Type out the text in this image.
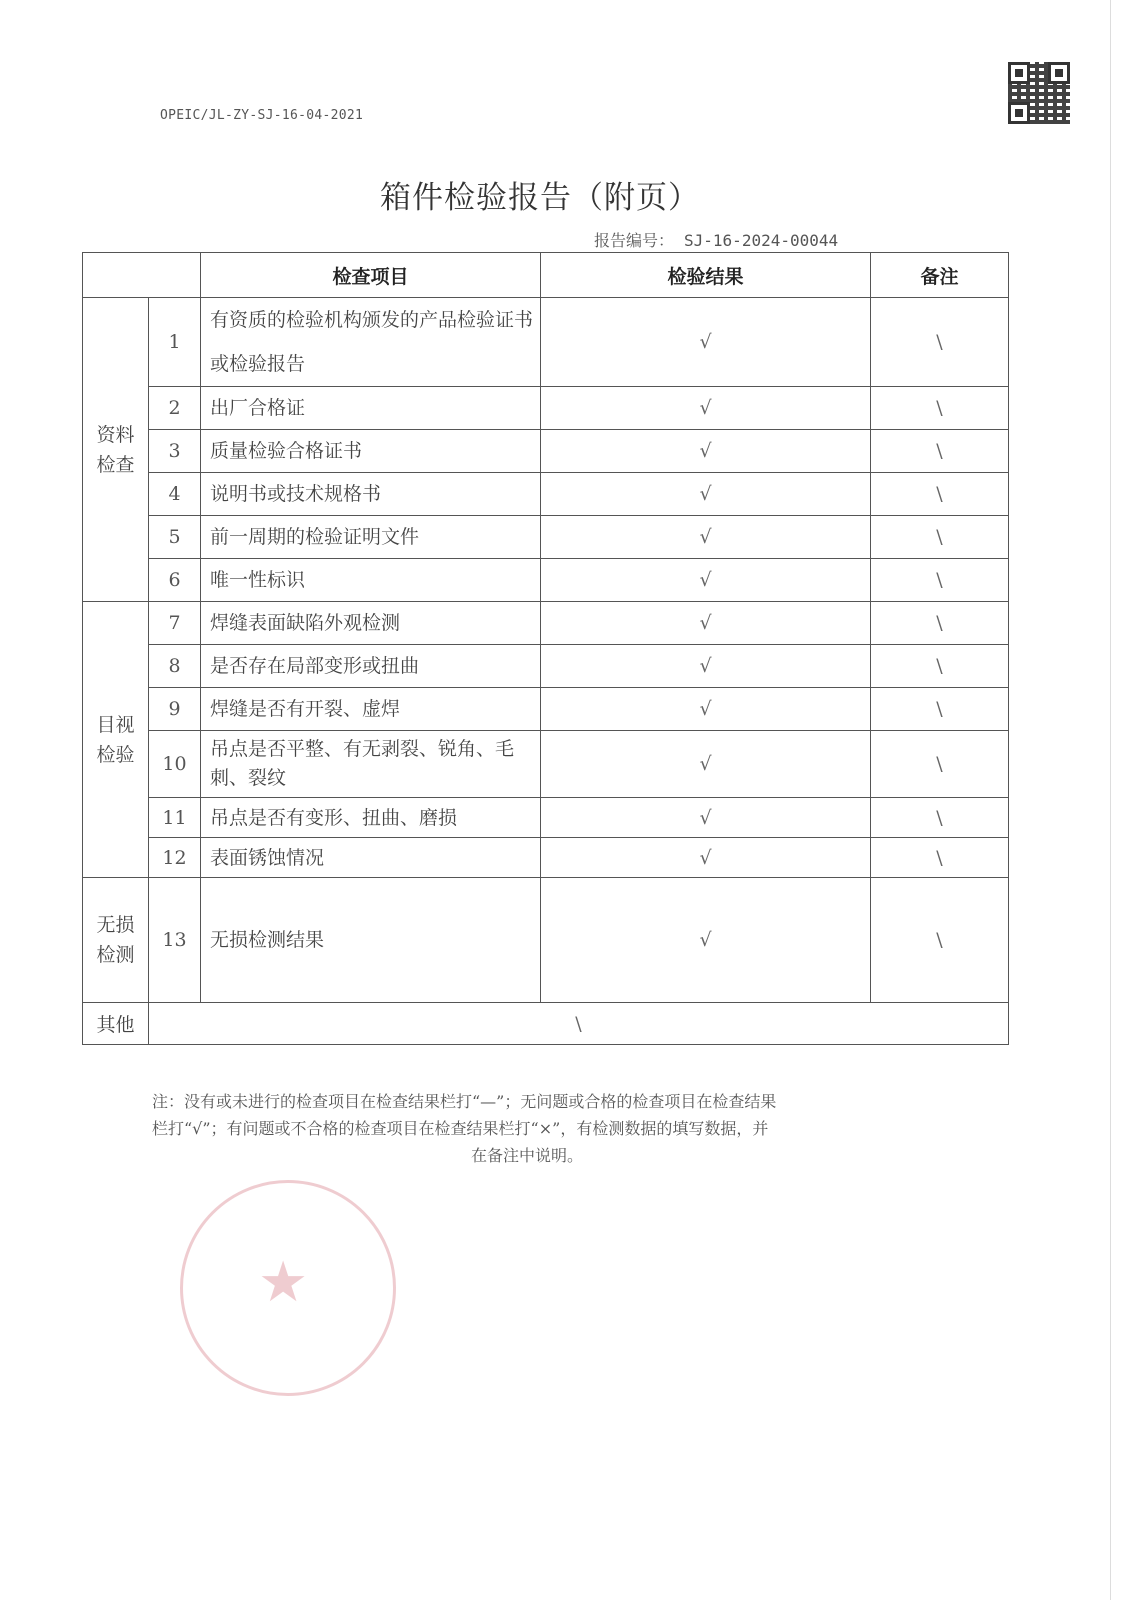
OPEIC/JL-ZY-SJ-16-04-2021
箱件检验报告（附页）
报告编号： SJ-16-2024-00044
		检查项目	检验结果	备注

资料检查	1	有资质的检验机构颁发的产品检验证书或检验报告	√	\
	2	出厂合格证	√	\
	3	质量检验合格证书	√	\
	4	说明书或技术规格书	√	\
	5	前一周期的检验证明文件	√	\
	6	唯一性标识	√	\

目视检验	7	焊缝表面缺陷外观检测	√	\
	8	是否存在局部变形或扭曲	√	\
	9	焊缝是否有开裂、虚焊	√	\
	10	吊点是否平整、有无剥裂、锐角、毛刺、裂纹	√	\
	11	吊点是否有变形、扭曲、磨损	√	\
	12	表面锈蚀情况	√	\

无损检测	13	无损检测结果	√	\
其他	\			
注：没有或未进行的检查项目在检查结果栏打“—”；无问题或合格的检查项目在检查结果
栏打“√”；有问题或不合格的检查项目在检查结果栏打“×”，有检测数据的填写数据，并
在备注中说明。
★
